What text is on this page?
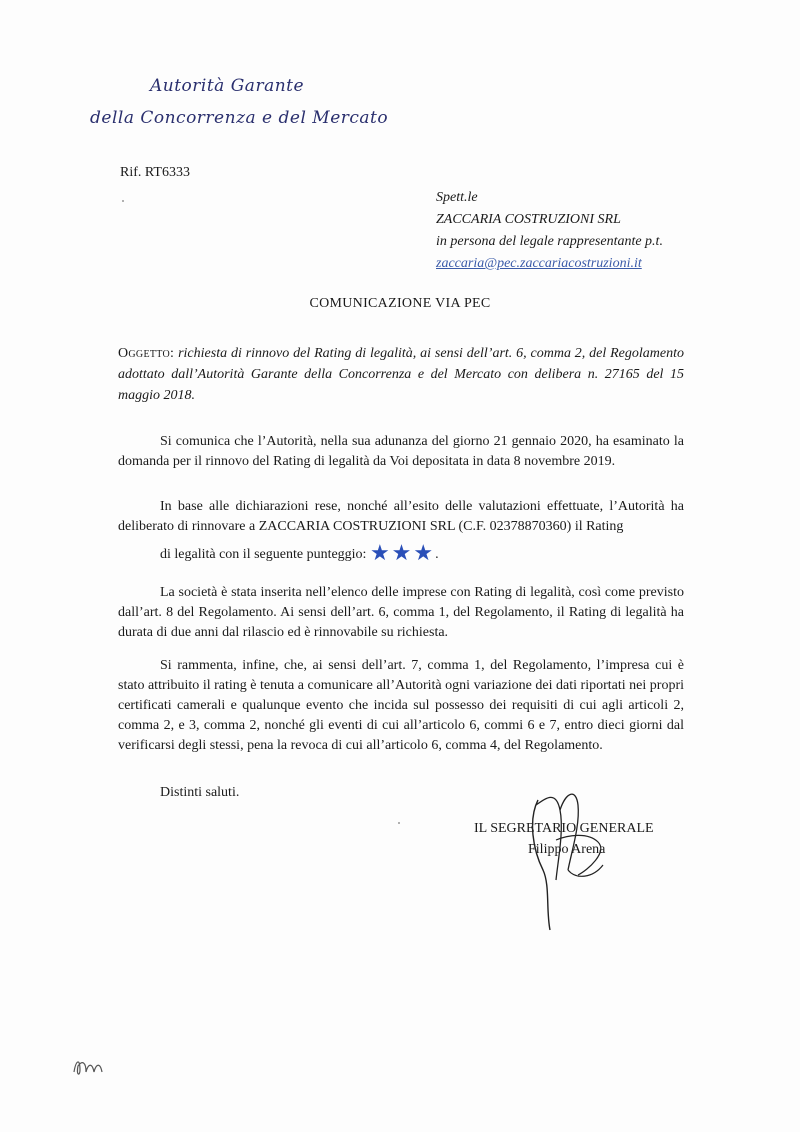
Autorità Garante
della Concorrenza e del Mercato
Rif. RT6333
Spett.le
ZACCARIA COSTRUZIONI SRL
in persona del legale rappresentante p.t.
zaccaria@pec.zaccariacostruzioni.it
COMUNICAZIONE VIA PEC
Oggetto: richiesta di rinnovo del Rating di legalità, ai sensi dell’art. 6, comma 2, del Regolamento adottato dall’Autorità Garante della Concorrenza e del Mercato con delibera n. 27165 del 15 maggio 2018.

Si comunica che l’Autorità, nella sua adunanza del giorno 21 gennaio 2020, ha esaminato la domanda per il rinnovo del Rating di legalità da Voi depositata in data 8 novembre 2019.

In base alle dichiarazioni rese, nonché all’esito delle valutazioni effettuate, l’Autorità ha deliberato di rinnovare a ZACCARIA COSTRUZIONI SRL (C.F. 02378870360) il Rating
di legalità con il seguente punteggio: ★★★.

La società è stata inserita nell’elenco delle imprese con Rating di legalità, così come previsto dall’art. 8 del Regolamento. Ai sensi dell’art. 6, comma 1, del Regolamento, il Rating di legalità ha durata di due anni dal rilascio ed è rinnovabile su richiesta.

Si rammenta, infine, che, ai sensi dell’art. 7, comma 1, del Regolamento, l’impresa cui è stato attribuito il rating è tenuta a comunicare all’Autorità ogni variazione dei dati riportati nei propri certificati camerali e qualunque evento che incida sul possesso dei requisiti di cui agli articoli 2, comma 2, e 3, comma 2, nonché gli eventi di cui all’articolo 6, commi 6 e 7, entro dieci giorni dal verificarsi degli stessi, pena la revoca di cui all’articolo 6, comma 4, del Regolamento.

Distinti saluti.
IL SEGRETARIO GENERALE
Filippo Arena
